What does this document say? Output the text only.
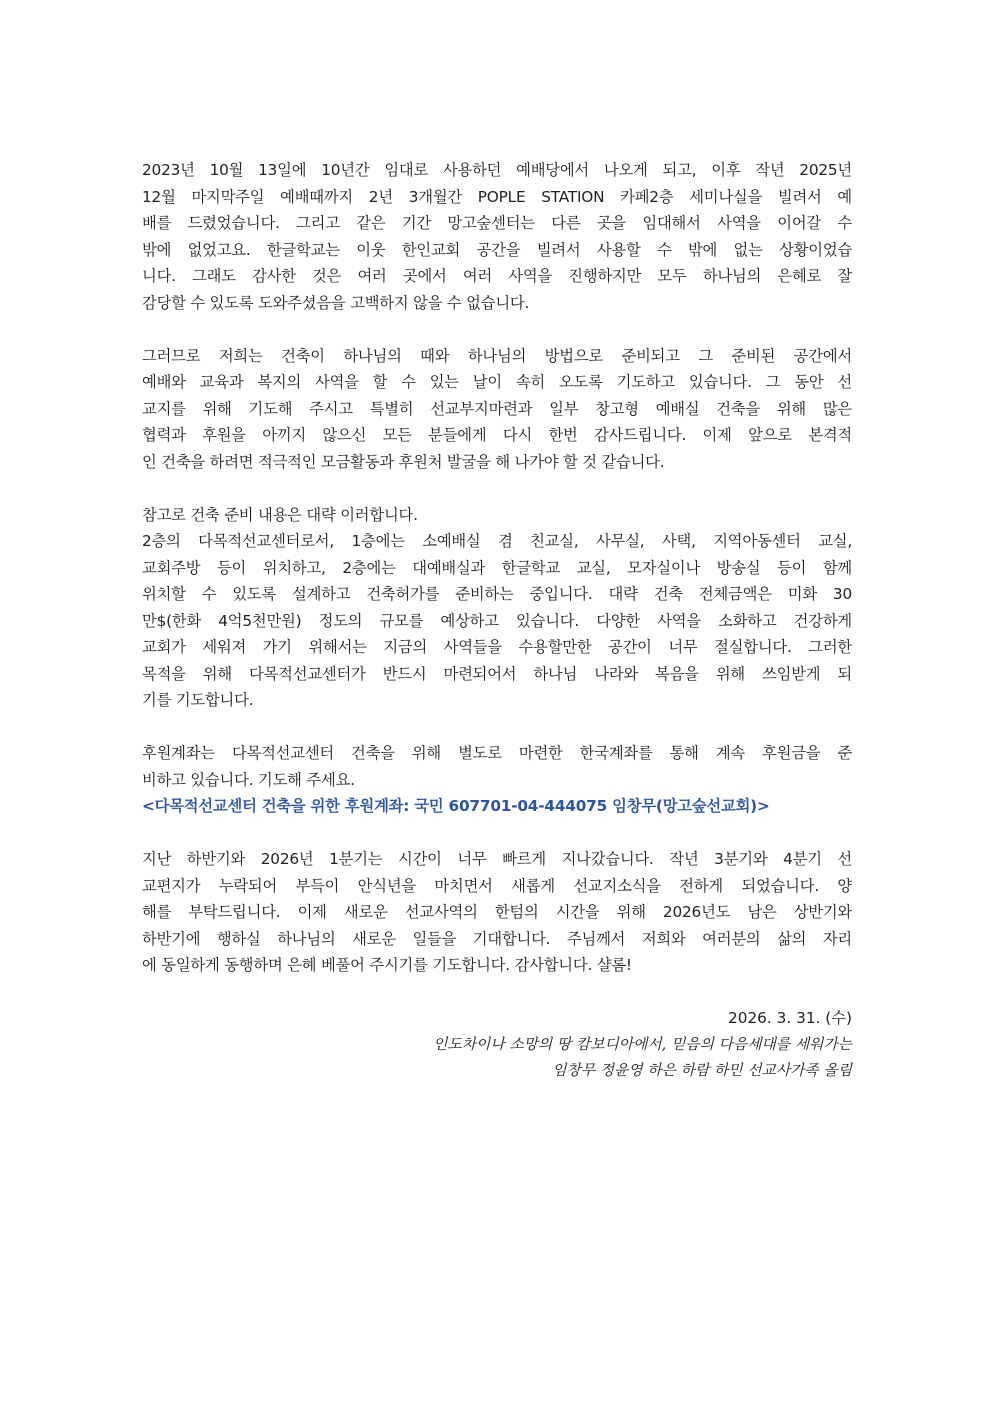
2023년 10월 13일에 10년간 임대로 사용하던 예배당에서 나오게 되고, 이후 작년 2025년
12월 마지막주일 예배때까지 2년 3개월간 POPLE STATION 카페2층 세미나실을 빌려서 예
배를 드렸었습니다. 그리고 같은 기간 망고숲센터는 다른 곳을 임대해서 사역을 이어갈 수
밖에 없었고요. 한글학교는 이웃 한인교회 공간을 빌려서 사용할 수 밖에 없는 상황이었습
니다. 그래도 감사한 것은 여러 곳에서 여러 사역을 진행하지만 모두 하나님의 은혜로 잘
감당할 수 있도록 도와주셨음을 고백하지 않을 수 없습니다.
그러므로 저희는 건축이 하나님의 때와 하나님의 방법으로 준비되고 그 준비된 공간에서
예배와 교육과 복지의 사역을 할 수 있는 날이 속히 오도록 기도하고 있습니다. 그 동안 선
교지를 위해 기도해 주시고 특별히 선교부지마련과 일부 창고형 예배실 건축을 위해 많은
협력과 후원을 아끼지 않으신 모든 분들에게 다시 한번 감사드립니다. 이제 앞으로 본격적
인 건축을 하려면 적극적인 모금활동과 후원처 발굴을 해 나가야 할 것 같습니다.
참고로 건축 준비 내용은 대략 이러합니다.
2층의 다목적선교센터로서, 1층에는 소예배실 겸 친교실, 사무실, 사택, 지역아동센터 교실,
교회주방 등이 위치하고, 2층에는 대예배실과 한글학교 교실, 모자실이나 방송실 등이 함께
위치할 수 있도록 설계하고 건축허가를 준비하는 중입니다. 대략 건축 전체금액은 미화 30
만$(한화 4억5천만원) 정도의 규모를 예상하고 있습니다. 다양한 사역을 소화하고 건강하게
교회가 세워져 가기 위해서는 지금의 사역들을 수용할만한 공간이 너무 절실합니다. 그러한
목적을 위해 다목적선교센터가 반드시 마련되어서 하나님 나라와 복음을 위해 쓰임받게 되
기를 기도합니다.
후원계좌는 다목적선교센터 건축을 위해 별도로 마련한 한국계좌를 통해 계속 후원금을 준
비하고 있습니다. 기도해 주세요.
<다목적선교센터 건축을 위한 후원계좌: 국민 607701-04-444075 임창무(망고숲선교회)>
지난 하반기와 2026년 1분기는 시간이 너무 빠르게 지나갔습니다. 작년 3분기와 4분기 선
교편지가 누락되어 부득이 안식년을 마치면서 새롭게 선교지소식을 전하게 되었습니다. 양
해를 부탁드립니다. 이제 새로운 선교사역의 한텀의 시간을 위해 2026년도 남은 상반기와
하반기에 행하실 하나님의 새로운 일들을 기대합니다. 주님께서 저희와 여러분의 삶의 자리
에 동일하게 동행하며 은혜 베풀어 주시기를 기도합니다. 감사합니다. 샬롬!
2026. 3. 31. (수)
인도차이나 소망의 땅 캄보디아에서, 믿음의 다음세대를 세워가는
임창무 정윤영 하은 하람 하민 선교사가족 올림
